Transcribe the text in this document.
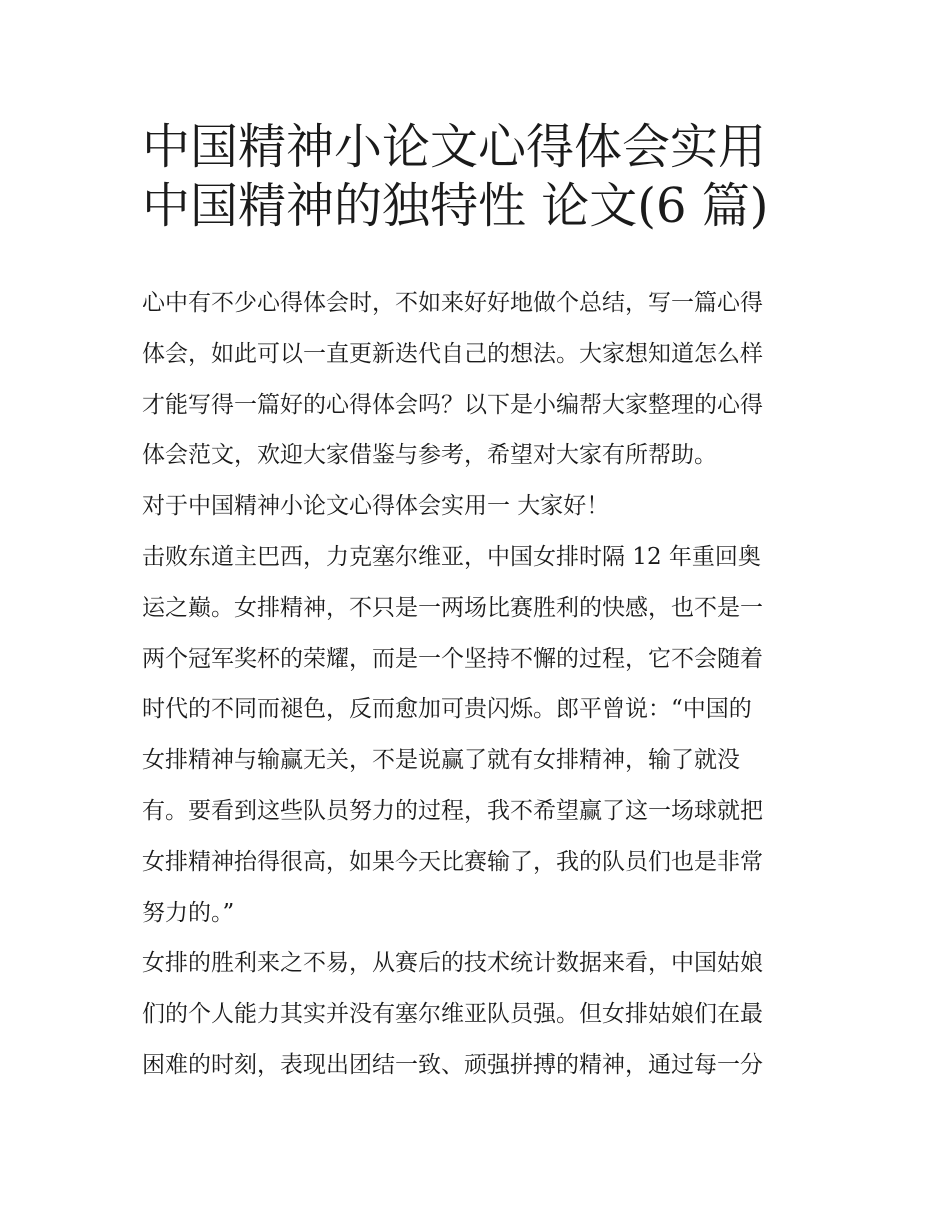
中国精神小论文心得体会实用
中国精神的独特性 论文(6 篇)
心中有不少心得体会时，不如来好好地做个总结，写一篇心得
体会，如此可以一直更新迭代自己的想法。大家想知道怎么样
才能写得一篇好的心得体会吗？以下是小编帮大家整理的心得
体会范文，欢迎大家借鉴与参考，希望对大家有所帮助。
对于中国精神小论文心得体会实用一 大家好！
击败东道主巴西，力克塞尔维亚，中国女排时隔 12 年重回奥
运之巅。女排精神，不只是一两场比赛胜利的快感，也不是一
两个冠军奖杯的荣耀，而是一个坚持不懈的过程，它不会随着
时代的不同而褪色，反而愈加可贵闪烁。郎平曾说：“中国的
女排精神与输赢无关，不是说赢了就有女排精神，输了就没
有。要看到这些队员努力的过程，我不希望赢了这一场球就把
女排精神抬得很高，如果今天比赛输了，我的队员们也是非常
努力的。”
女排的胜利来之不易，从赛后的技术统计数据来看，中国姑娘
们的个人能力其实并没有塞尔维亚队员强。但女排姑娘们在最
困难的时刻，表现出团结一致、顽强拼搏的精神，通过每一分
